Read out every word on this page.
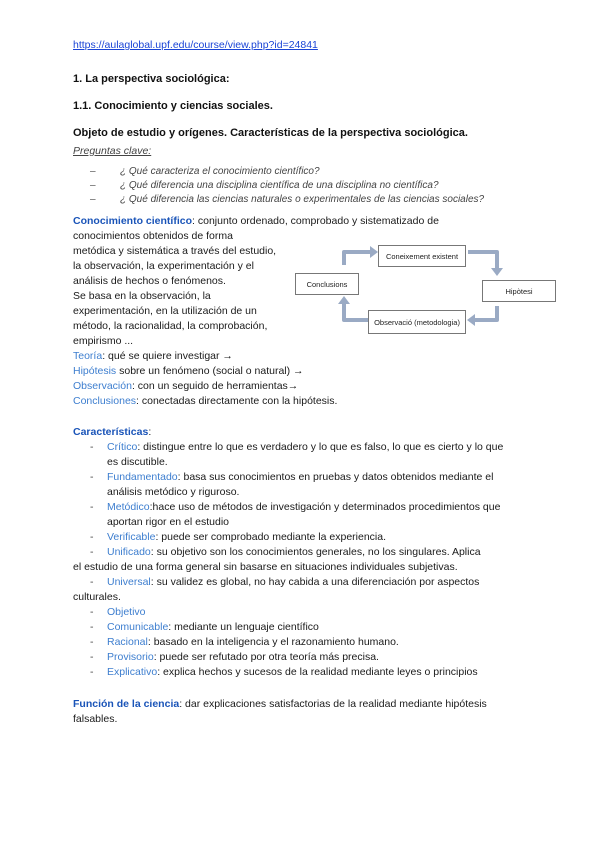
https://aulaglobal.upf.edu/course/view.php?id=24841
1. La perspectiva sociológica:
1.1. Conocimiento y ciencias sociales.
Objeto de estudio y orígenes. Características de la perspectiva sociológica.
Preguntas clave:
– ¿ Qué caracteriza el conocimiento científico?
– ¿ Qué diferencia una disciplina científica de una disciplina no científica?
– ¿ Qué diferencia las ciencias naturales o experimentales de las ciencias sociales?
Conocimiento científico: conjunto ordenado, comprobado y sistematizado de
conocimientos obtenidos de forma
metódica y sistemática a través del estudio,
la observación, la experimentación y el
análisis de hechos o fenómenos.
Se basa en la observación, la
experimentación, en la utilización de un
método, la racionalidad, la comprobación,
empirismo ...
Teoría: qué se quiere investigar →
Hipótesis sobre un fenómeno (social o natural) →
Observación: con un seguido de herramientas→
Conclusiones: conectadas directamente con la hipótesis.
Coneixement existent
Hipòtesi
Observació (metodologia)
Conclusions
Características:
- Crítico: distingue entre lo que es verdadero y lo que es falso, lo que es cierto y lo que
es discutible.
- Fundamentado: basa sus conocimientos en pruebas y datos obtenidos mediante el
análisis metódico y riguroso.
- Metódico:hace uso de métodos de investigación y determinados procedimientos que
aportan rigor en el estudio
- Verificable: puede ser comprobado mediante la experiencia.
- Unificado: su objetivo son los conocimientos generales, no los singulares. Aplica
el estudio de una forma general sin basarse en situaciones individuales subjetivas.
- Universal: su validez es global, no hay cabida a una diferenciación por aspectos
culturales.
- Objetivo
- Comunicable: mediante un lenguaje científico
- Racional: basado en la inteligencia y el razonamiento humano.
- Provisorio: puede ser refutado por otra teoría más precisa.
- Explicativo: explica hechos y sucesos de la realidad mediante leyes o principios
Función de la ciencia: dar explicaciones satisfactorias de la realidad mediante hipótesis
falsables.
